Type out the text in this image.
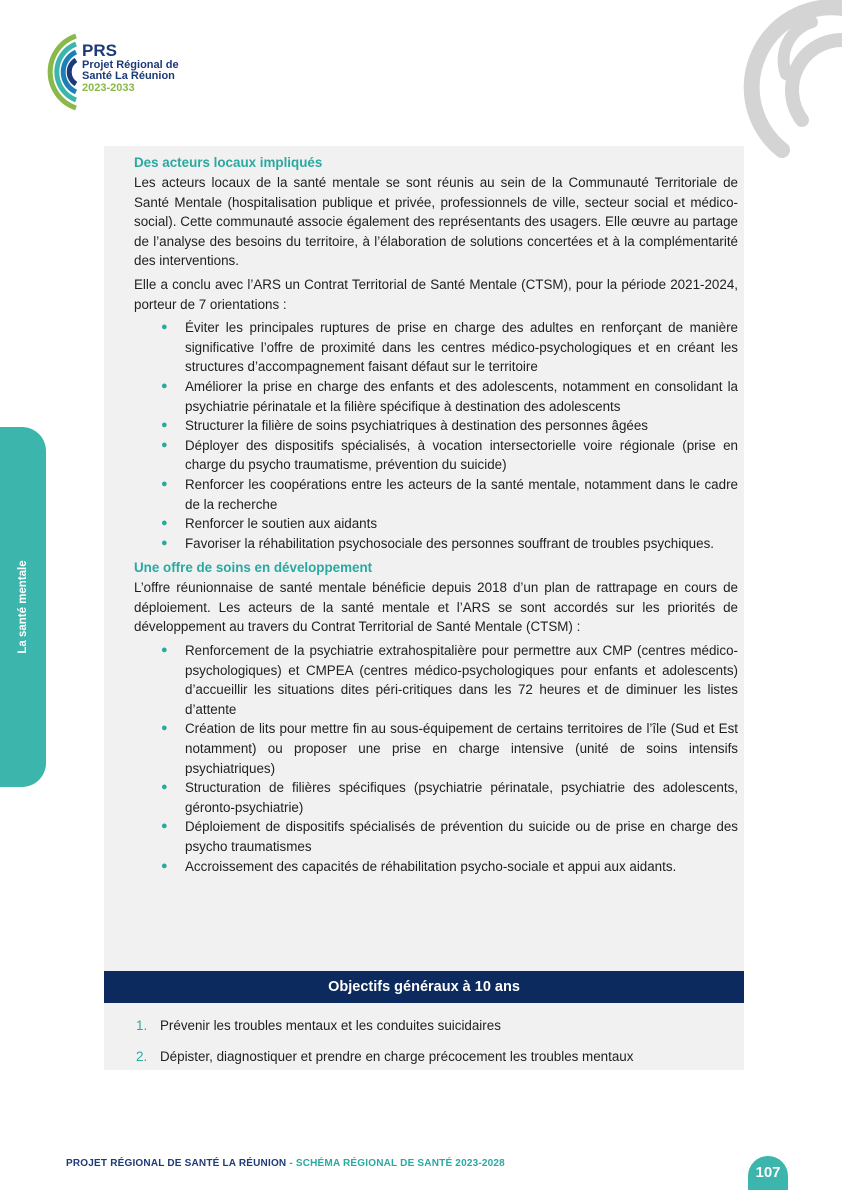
PRS
Projet Régional de
Santé La Réunion
2023-2033
La santé mentale
Des acteurs locaux impliqués

Les acteurs locaux de la santé mentale se sont réunis au sein de la Communauté Territoriale de Santé Mentale (hospitalisation publique et privée, professionnels de ville, secteur social et médico-social). Cette communauté associe également des représentants des usagers. Elle œuvre au partage de l’analyse des besoins du territoire, à l’élaboration de solutions concertées et à la complémentarité des interventions.

Elle a conclu avec l’ARS un Contrat Territorial de Santé Mentale (CTSM), pour la période 2021-2024, porteur de 7 orientations :

● Éviter les principales ruptures de prise en charge des adultes en renforçant de manière significative l’offre de proximité dans les centres médico-psychologiques et en créant les structures d’accompagnement faisant défaut sur le territoire
● Améliorer la prise en charge des enfants et des adolescents, notamment en consolidant la psychiatrie périnatale et la filière spécifique à destination des adolescents
● Structurer la filière de soins psychiatriques à destination des personnes âgées
● Déployer des dispositifs spécialisés, à vocation intersectorielle voire régionale (prise en charge du psycho traumatisme, prévention du suicide)
● Renforcer les coopérations entre les acteurs de la santé mentale, notamment dans le cadre de la recherche
● Renforcer le soutien aux aidants
● Favoriser la réhabilitation psychosociale des personnes souffrant de troubles psychiques.
Une offre de soins en développement

L’offre réunionnaise de santé mentale bénéficie depuis 2018 d’un plan de rattrapage en cours de déploiement. Les acteurs de la santé mentale et l’ARS se sont accordés sur les priorités de développement au travers du Contrat Territorial de Santé Mentale (CTSM) :

● Renforcement de la psychiatrie extrahospitalière pour permettre aux CMP (centres médico-psychologiques) et CMPEA (centres médico-psychologiques pour enfants et adolescents) d’accueillir les situations dites péri-critiques dans les 72 heures et de diminuer les listes d’attente
● Création de lits pour mettre fin au sous-équipement de certains territoires de l’île (Sud et Est notamment) ou proposer une prise en charge intensive (unité de soins intensifs psychiatriques)
● Structuration de filières spécifiques (psychiatrie périnatale, psychiatrie des adolescents, géronto-psychiatrie)
● Déploiement de dispositifs spécialisés de prévention du suicide ou de prise en charge des psycho traumatismes
● Accroissement des capacités de réhabilitation psycho-sociale et appui aux aidants.
Objectifs généraux à 10 ans
1. Prévenir les troubles mentaux et les conduites suicidaires
2. Dépister, diagnostiquer et prendre en charge précocement les troubles mentaux
PROJET RÉGIONAL DE SANTÉ LA RÉUNION - SCHÉMA RÉGIONAL DE SANTÉ 2023-2028
107
